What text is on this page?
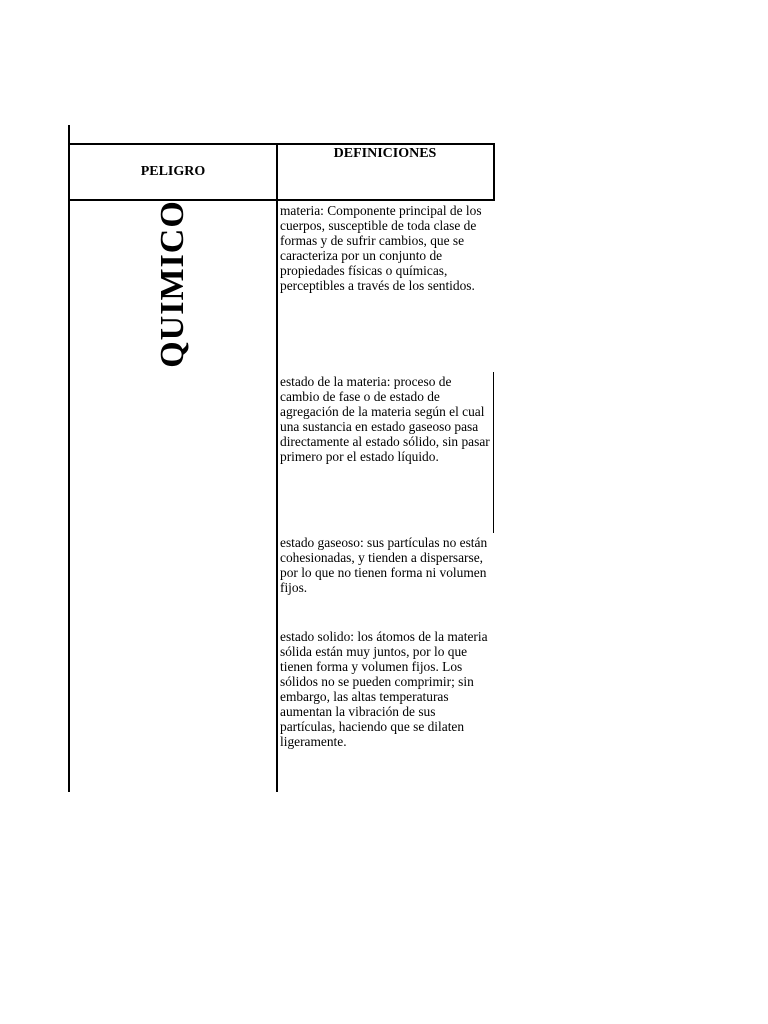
PELIGRO
DEFINICIONES
QUIMICO	materia: Componente principal de los cuerpos, susceptible de toda clase de formas y de sufrir cambios, que se caracteriza por un conjunto de propiedades físicas o químicas, perceptibles a través de los sentidos.
estado de la materia: proceso de cambio de fase o de estado de agregación de la materia según el cual una sustancia en estado gaseoso pasa directamente al estado sólido, sin pasar primero por el estado líquido.
estado gaseoso: sus partículas no están cohesionadas, y tienden a dispersarse, por lo que no tienen forma ni volumen fijos.
estado solido: los átomos de la materia sólida están muy juntos, por lo que tienen forma y volumen fijos. Los sólidos no se pueden comprimir; sin embargo, las altas temperaturas aumentan la vibración de sus partículas, haciendo que se dilaten ligeramente.
